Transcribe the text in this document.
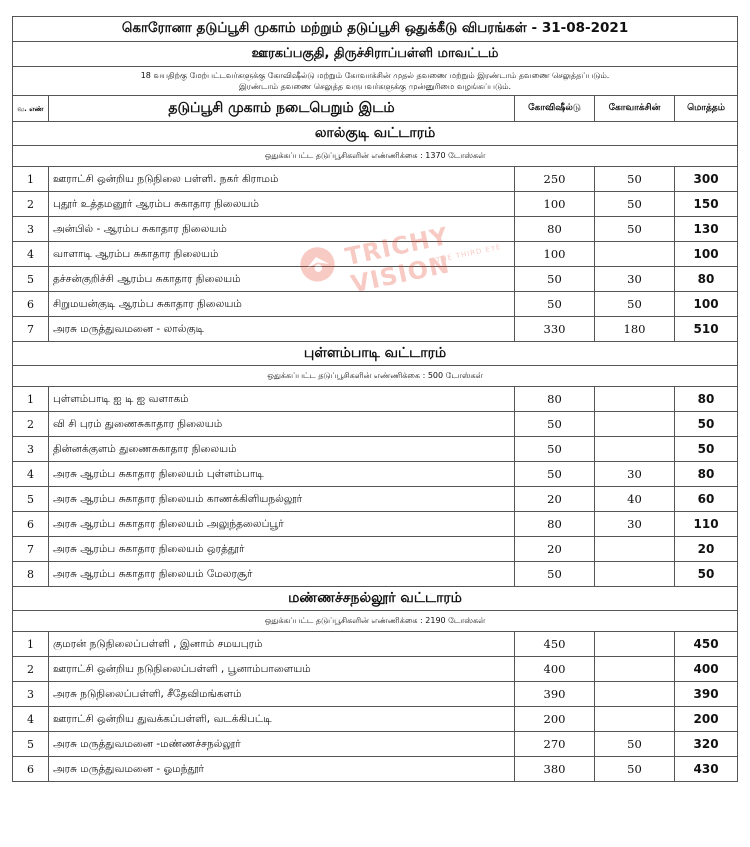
கொரோனா தடுப்பூசி முகாம் மற்றும் தடுப்பூசி ஒதுக்கீடு விபரங்கள் - 31-08-2021				
ஊரகப்பகுதி, திருச்சிராப்பள்ளி மாவட்டம்				

18 வயதிற்கு மேற்பட்டவர்களுக்கு கோவிஷீல்டு மற்றும் கோவாக்சின் முதல் தவணை மற்றும் இரண்டாம் தவணை செலுத்தப்படும்.
இரண்டாம் தவணை செலுத்த வருபவர்களுக்கு முன்னுரிமை வழங்கப்படும்.				

வ. எண்	தடுப்பூசி முகாம் நடைபெறும் இடம்	கோவிஷீல்டு	கோவாக்சின்	மொத்தம்
லால்குடி வட்டாரம்				
ஒதுக்கப்பட்ட தடுப்பூசிகளின் எண்ணிக்கை : 1370 டோஸ்கள்				
1	ஊராட்சி ஒன்றிய நடுநிலை பள்ளி. நகர் கிராமம்	250	50	300
2	புதூர் உத்தமனூர் ஆரம்ப சுகாதார நிலையம்	100	50	150
3	அன்பில் - ஆரம்ப சுகாதார நிலையம்	80	50	130
4	வாளாடி ஆரம்ப சுகாதார நிலையம்	100		100
5	தச்சன்குறிச்சி ஆரம்ப சுகாதார நிலையம்	50	30	80
6	சிறுமயன்குடி ஆரம்ப சுகாதார நிலையம்	50	50	100
7	அரசு மருத்துவமனை - லால்குடி	330	180	510
புள்ளம்பாடி வட்டாரம்				
ஒதுக்கப்பட்ட தடுப்பூசிகளின் எண்ணிக்கை : 500 டோஸ்கள்				
1	புள்ளம்பாடி ஐ டி ஐ வளாகம்	80		80
2	வி சி புரம் துணைசுகாதார நிலையம்	50		50
3	தின்னக்குளம் துணைசுகாதார நிலையம்	50		50
4	அரசு ஆரம்ப சுகாதார நிலையம் புள்ளம்பாடி	50	30	80
5	அரசு ஆரம்ப சுகாதார நிலையம் காணக்கிளியநல்லூர்	20	40	60
6	அரசு ஆரம்ப சுகாதார நிலையம் அலுந்தலைப்பூர்	80	30	110
7	அரசு ஆரம்ப சுகாதார நிலையம் ஒரத்தூர்	20		20
8	அரசு ஆரம்ப சுகாதார நிலையம் மேலரசூர்	50		50
மண்ணச்சநல்லூர் வட்டாரம்				
ஒதுக்கப்பட்ட தடுப்பூசிகளின் எண்ணிக்கை : 2190 டோஸ்கள்				
1	குமரன் நடுநிலைப்பள்ளி , இனாம் சமயபுரம்	450		450
2	ஊராட்சி ஒன்றிய நடுநிலைப்பள்ளி , பூனாம்பாளையம்	400		400
3	அரசு நடுநிலைப்பள்ளி, சீதேவிமங்களம்	390		390
4	ஊராட்சி ஒன்றிய துவக்கப்பள்ளி, வடக்கிபட்டி	200		200
5	அரசு மருத்துவமனை -மண்ணச்சநல்லூர்	270	50	320
6	அரசு மருத்துவமனை - ஓமந்தூர்	380	50	430
TRICHY VISION
THE THIRD EYE
